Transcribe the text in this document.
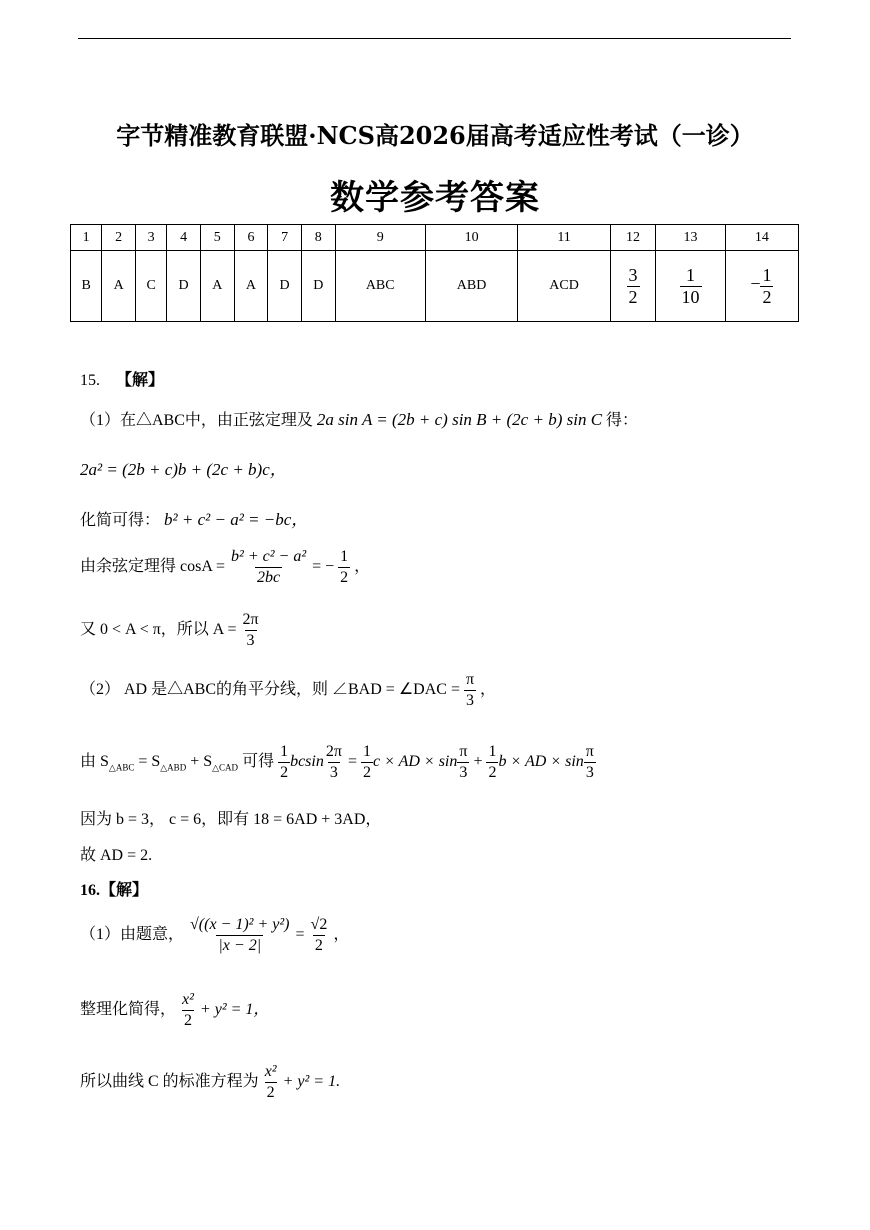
字节精准教育联盟·NCS高2026届高考适应性考试（一诊）
数学参考答案
1	2	3	4	5	6	7	8	9	10	11	12	13	14
B	A	C	D	A	A	D	D	ABC	ABD	ACD	$\frac{3}{2}$	$\frac{1}{10}$	− $\frac{1}{2}$
15. 【解】
（1）在△ABC中，由正弦定理及 2a sin A = (2b + c) sin B + (2c + b) sin C 得：
2a² = (2b + c)b + (2c + b)c，
化简可得： b² + c² − a² = −bc，
由余弦定理得 $\cos A = \frac{\text{b² + c² − a²}}{2bc}$ = − $\frac{1}{2}$ ，
又 0 < A < π，所以 $A = \frac{2\pi}{3}$
（2） AD 是△ABC的角平分线，则 ∠BAD = ∠DAC = $\frac{\pi}{3}$ ，
由 $S_{\triangle ABC} = S_{\triangle ABD} + S_{\triangle CAD}$ 可得 $\frac{1}{2}$ bcsin $\frac{2\pi}{3} = \frac{1}{2}$ c × AD × $\sin \frac{\pi}{3} + \frac{1}{2}$ b × AD × $\sin \frac{\pi}{3}$
因为 b = 3， c = 6，即有 18 = 6AD + 3AD，
故 AD = 2.
16.【解】
（1）由题意， $\frac{\text{√((x − 1)² + y²)}}{|x - 2|} = \frac{√2}{2}$ ，
整理化简得， $\frac{\text{x²}}{2} + y^2 = 1$，
所以曲线 C 的标准方程为 $\frac{\text{x²}}{2} + y^2 = 1$.
